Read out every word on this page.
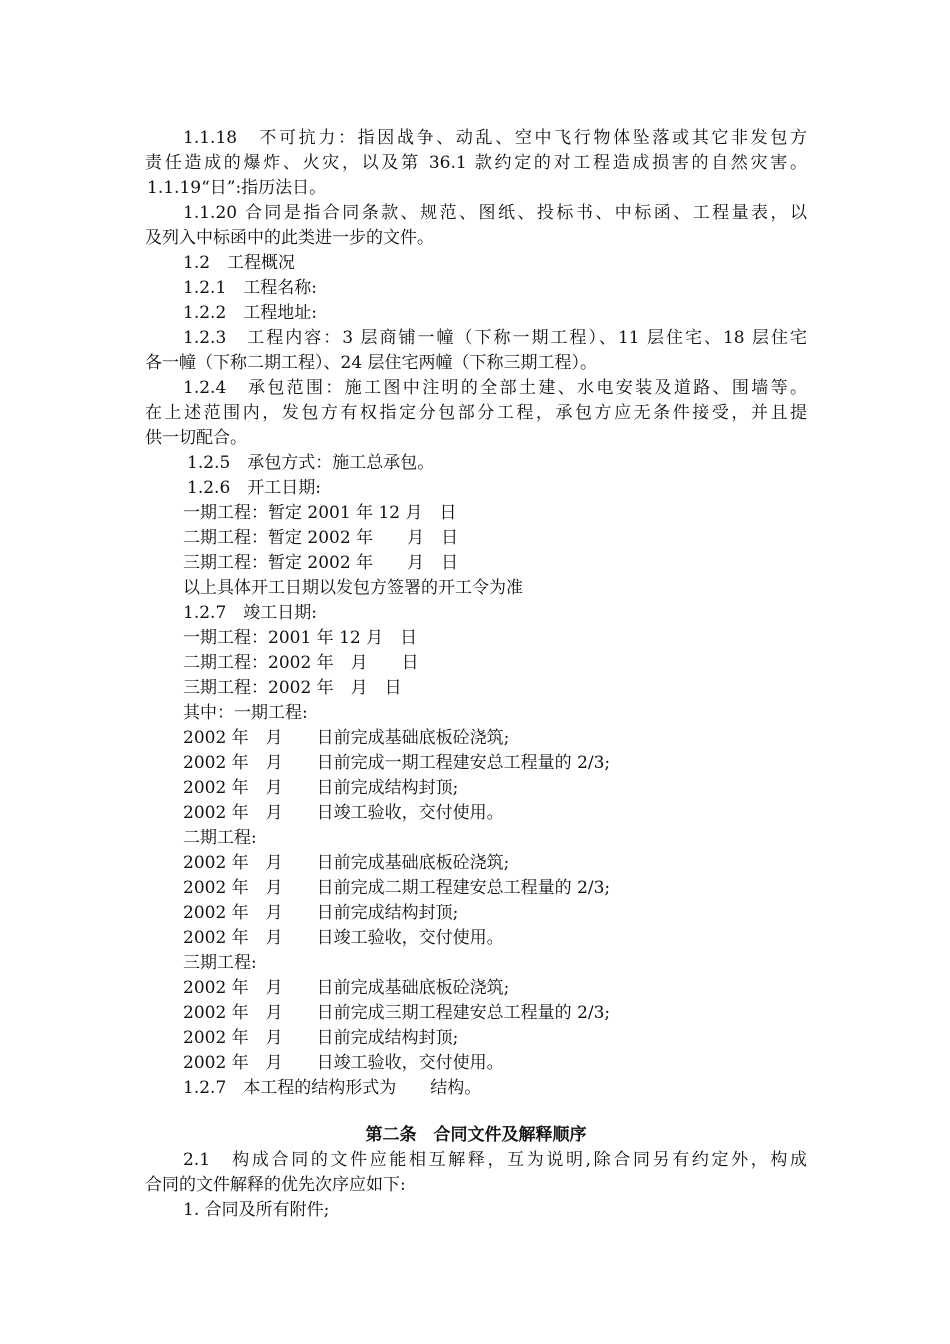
1.1.18　不可抗力：指因战争、动乱、空中飞行物体坠落或其它非发包方
责任造成的爆炸、火灾，以及第 36.1 款约定的对工程造成损害的自然灾害。
1.1.19“日”:指历法日。
1.1.20 合同是指合同条款、规范、图纸、投标书、中标函、工程量表，以
及列入中标函中的此类进一步的文件。
1.2　工程概况
1.2.1　工程名称:
1.2.2　工程地址:
1.2.3　工程内容：3 层商铺一幢（下称一期工程）、11 层住宅、18 层住宅
各一幢（下称二期工程）、24 层住宅两幢（下称三期工程）。
1.2.4　承包范围：施工图中注明的全部土建、水电安装及道路、围墙等。
在上述范围内，发包方有权指定分包部分工程，承包方应无条件接受，并且提
供一切配合。
1.2.5　承包方式：施工总承包。
1.2.6　开工日期:
一期工程：暂定 2001 年 12 月　日
二期工程：暂定 2002 年　　月　日
三期工程：暂定 2002 年　　月　日
以上具体开工日期以发包方签署的开工令为准
1.2.7　竣工日期:
一期工程：2001 年 12 月　日
二期工程：2002 年　月　　日
三期工程：2002 年　月　日
其中：一期工程:
2002 年　月　　日前完成基础底板砼浇筑;
2002 年　月　　日前完成一期工程建安总工程量的 2/3;
2002 年　月　　日前完成结构封顶;
2002 年　月　　日竣工验收，交付使用。
二期工程:
2002 年　月　　日前完成基础底板砼浇筑;
2002 年　月　　日前完成二期工程建安总工程量的 2/3;
2002 年　月　　日前完成结构封顶;
2002 年　月　　日竣工验收，交付使用。
三期工程:
2002 年　月　　日前完成基础底板砼浇筑;
2002 年　月　　日前完成三期工程建安总工程量的 2/3;
2002 年　月　　日前完成结构封顶;
2002 年　月　　日竣工验收，交付使用。
1.2.7　本工程的结构形式为　　结构。
第二条　合同文件及解释顺序
2.1　构成合同的文件应能相互解释，互为说明,除合同另有约定外，构成
合同的文件解释的优先次序应如下:
1. 合同及所有附件;
